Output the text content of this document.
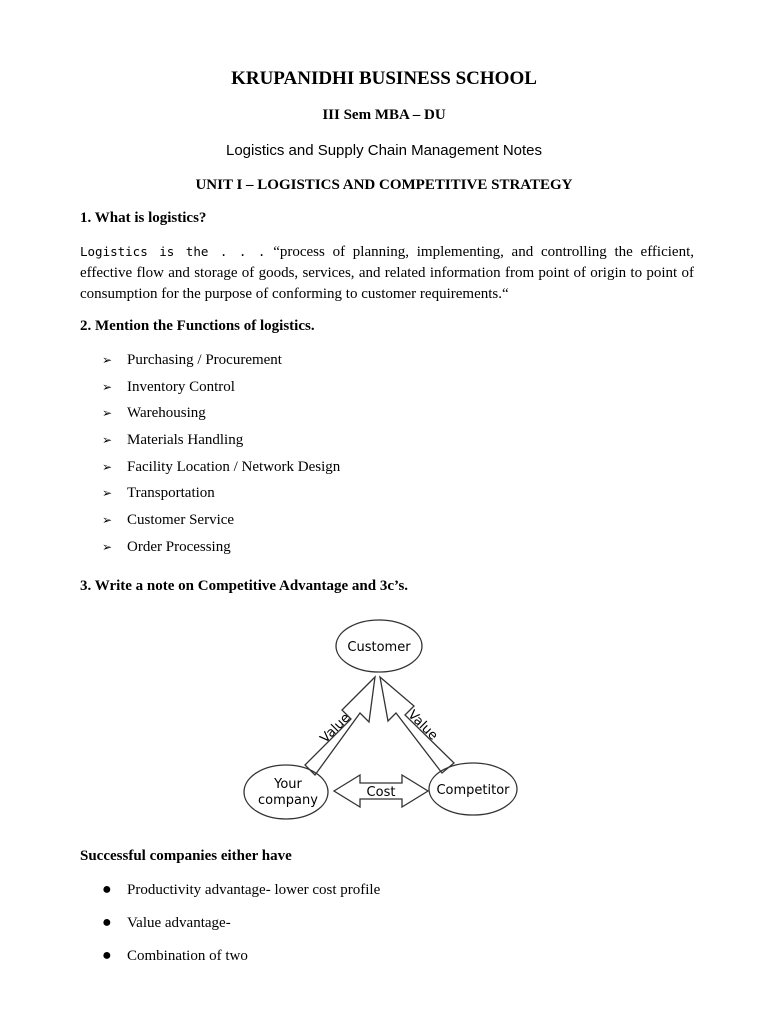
KRUPANIDHI BUSINESS SCHOOL
III Sem MBA – DU
Logistics and Supply Chain Management Notes
UNIT I – LOGISTICS AND COMPETITIVE STRATEGY
1. What is logistics?

Logistics is the . . . “process of planning, implementing, and controlling the efficient, effective flow and storage of goods, services, and related information from point of origin to point of consumption for the purpose of conforming to customer requirements.“

2. Mention the Functions of logistics.
➢ Purchasing / Procurement
➢ Inventory Control
➢ Warehousing
➢ Materials Handling
➢ Facility Location / Network Design
➢ Transportation
➢ Customer Service
➢ Order Processing
3. Write a note on Competitive Advantage and 3c’s.
Customer
Your
company
Competitor
Cost
Value	Value
Successful companies either have
●	Productivity advantage- lower cost profile
●	Value advantage-
●	Combination of two
